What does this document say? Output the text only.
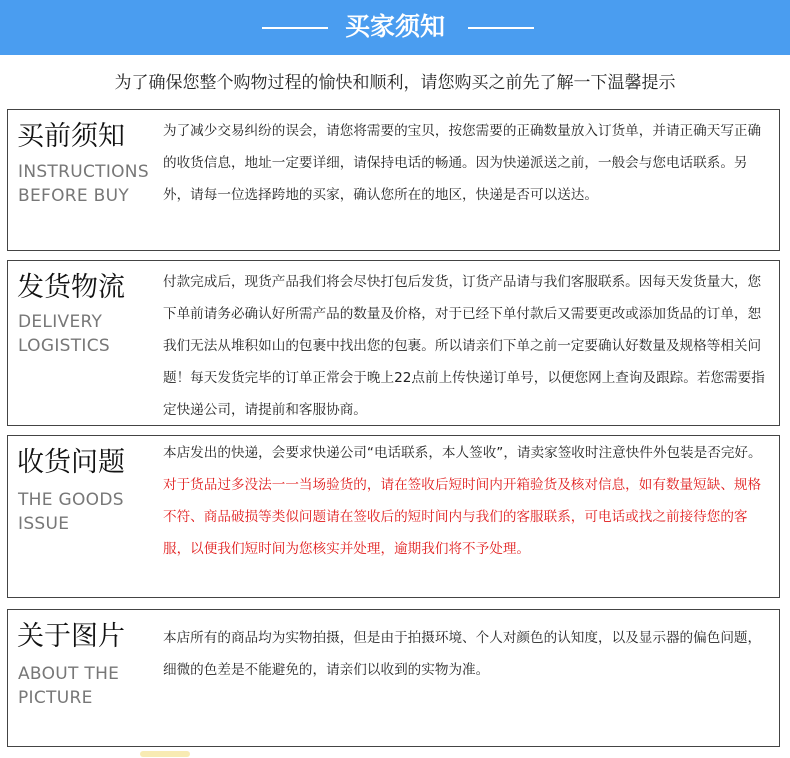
买家须知
为了确保您整个购物过程的愉快和顺利，请您购买之前先了解一下温馨提示
买前须知
INSTRUCTIONS
BEFORE BUY
为了减少交易纠纷的误会，请您将需要的宝贝，按您需要的正确数量放入订货单，并请正确天写正确的收货信息，地址一定要详细，请保持电话的畅通。因为快递派送之前，一般会与您电话联系。另外，请每一位选择跨地的买家，确认您所在的地区，快递是否可以送达。
发货物流
DELIVERY
LOGISTICS
付款完成后，现货产品我们将会尽快打包后发货，订货产品请与我们客服联系。因每天发货量大，您下单前请务必确认好所需产品的数量及价格，对于已经下单付款后又需要更改或添加货品的订单，恕我们无法从堆积如山的包裹中找出您的包裹。所以请亲们下单之前一定要确认好数量及规格等相关问题！每天发货完毕的订单正常会于晚上22点前上传快递订单号，以便您网上查询及跟踪。若您需要指定快递公司，请提前和客服协商。
收货问题
THE GOODS
ISSUE
本店发出的快递，会要求快递公司“电话联系，本人签收”，请卖家签收时注意快件外包装是否完好。对于货品过多没法一一当场验货的，请在签收后短时间内开箱验货及核对信息，如有数量短缺、规格不符、商品破损等类似问题请在签收后的短时间内与我们的客服联系，可电话或找之前接待您的客服，以便我们短时间为您核实并处理，逾期我们将不予处理。
关于图片
ABOUT THE
PICTURE
本店所有的商品均为实物拍摄，但是由于拍摄环境、个人对颜色的认知度，以及显示器的偏色问题，细微的色差是不能避免的，请亲们以收到的实物为准。
